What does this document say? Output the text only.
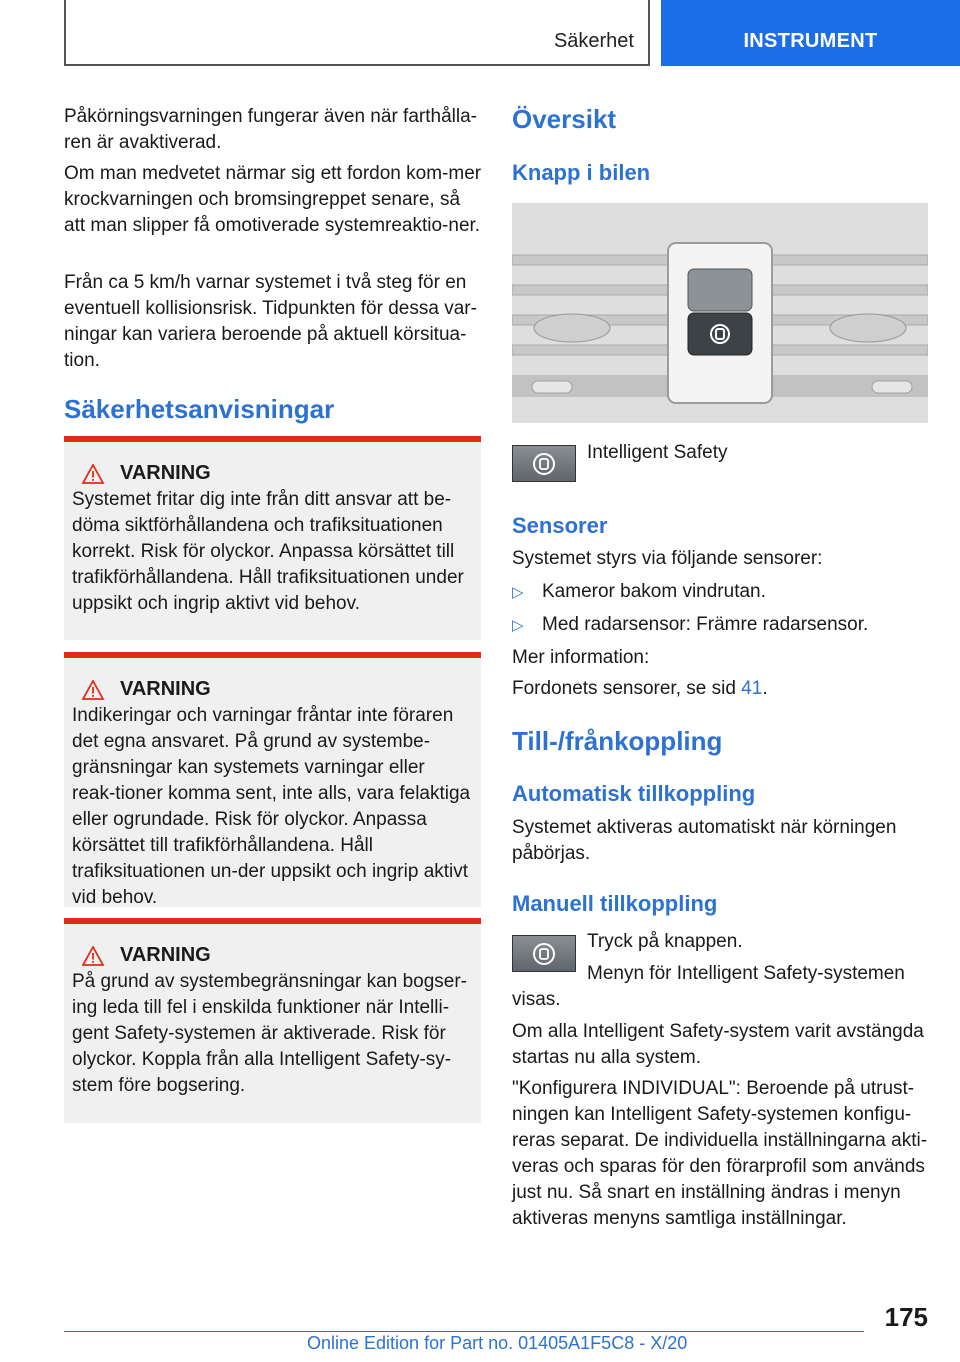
Säkerhet	INSTRUMENT
Påkörningsvarningen fungerar även när farthålla-ren är avaktiverad.
Om man medvetet närmar sig ett fordon kom-mer krockvarningen och bromsingreppet senare, så att man slipper få omotiverade systemreaktio-ner.
Från ca 5 km/h varnar systemet i två steg för en eventuell kollisionsrisk. Tidpunkten för dessa var-ningar kan variera beroende på aktuell körsitua-tion.
Säkerhetsanvisningar
VARNING
Systemet fritar dig inte från ditt ansvar att be-döma siktförhållandena och trafiksituationen korrekt. Risk för olyckor. Anpassa körsättet till trafikförhållandena. Håll trafiksituationen under uppsikt och ingrip aktivt vid behov.
VARNING
Indikeringar och varningar fråntar inte föraren det egna ansvaret. På grund av systembe-gränsningar kan systemets varningar eller reak-tioner komma sent, inte alls, vara felaktiga eller ogrundade. Risk för olyckor. Anpassa körsättet till trafikförhållandena. Håll trafiksituationen un-der uppsikt och ingrip aktivt vid behov.
VARNING
På grund av systembegränsningar kan bogser-ing leda till fel i enskilda funktioner när Intelli-gent Safety-systemen är aktiverade. Risk för olyckor. Koppla från alla Intelligent Safety-sy-stem före bogsering.
Översikt
Knapp i bilen
Intelligent Safety
Sensorer
Systemet styrs via följande sensorer:
▷ Kameror bakom vindrutan.
▷ Med radarsensor: Främre radarsensor.
Mer information:
Fordonets sensorer, se sid 41.
Till-/frånkoppling
Automatisk tillkoppling
Systemet aktiveras automatiskt när körningen påbörjas.
Manuell tillkoppling
Tryck på knappen.
Menyn för Intelligent Safety-systemen
visas.
Om alla Intelligent Safety-system varit avstängda startas nu alla system.
"Konfigurera INDIVIDUAL": Beroende på utrust-ningen kan Intelligent Safety-systemen konfigu-reras separat. De individuella inställningarna akti-veras och sparas för den förarprofil som används just nu. Så snart en inställning ändras i menyn aktiveras menyns samtliga inställningar.
175
Online Edition for Part no. 01405A1F5C8 - X/20
